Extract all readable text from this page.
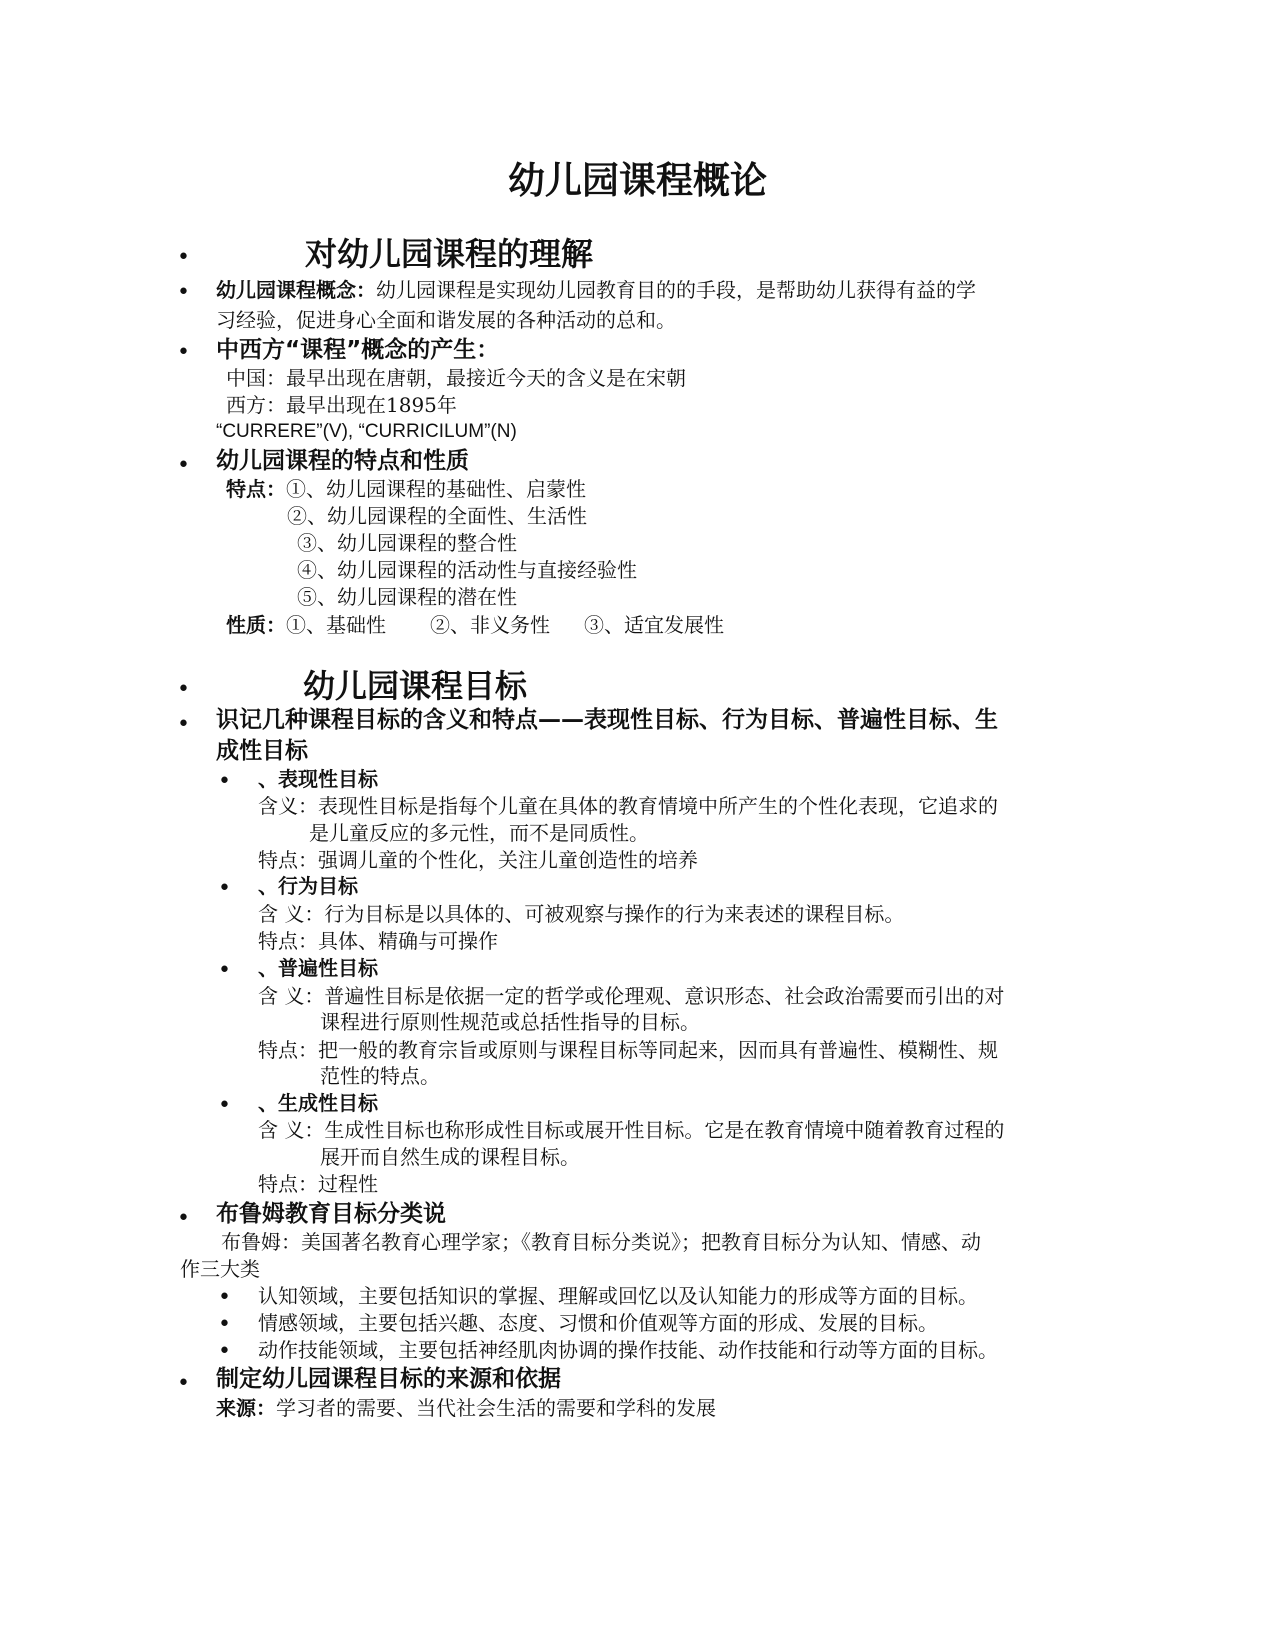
幼儿园课程概论
•	对幼儿园课程的理解
• 幼儿园课程概念：幼儿园课程是实现幼儿园教育目的的手段，是帮助幼儿获得有益的学
习经验，促进身心全面和谐发展的各种活动的总和。
• 中西方“课程”概念的产生：
中国：最早出现在唐朝，最接近今天的含义是在宋朝
西方：最早出现在1895年
“CURRERE”(V), “CURRICILUM”(N)
• 幼儿园课程的特点和性质
特点：①、幼儿园课程的基础性、启蒙性
②、幼儿园课程的全面性、生活性
③、幼儿园课程的整合性
④、幼儿园课程的活动性与直接经验性
⑤、幼儿园课程的潜在性
性质：①、基础性 ②、非义务性 ③、适宜发展性
•	幼儿园课程目标
• 识记几种课程目标的含义和特点——表现性目标、行为目标、普遍性目标、生
成性目标
• 、表现性目标
含义：表现性目标是指每个儿童在具体的教育情境中所产生的个性化表现，它追求的
是儿童反应的多元性，而不是同质性。
特点：强调儿童的个性化，关注儿童创造性的培养
• 、行为目标
含 义：行为目标是以具体的、可被观察与操作的行为来表述的课程目标。
特点：具体、精确与可操作
• 、普遍性目标
含 义：普遍性目标是依据一定的哲学或伦理观、意识形态、社会政治需要而引出的对
课程进行原则性规范或总括性指导的目标。
特点：把一般的教育宗旨或原则与课程目标等同起来，因而具有普遍性、模糊性、规
范性的特点。
• 、生成性目标
含 义：生成性目标也称形成性目标或展开性目标。它是在教育情境中随着教育过程的
展开而自然生成的课程目标。
特点：过程性
• 布鲁姆教育目标分类说
布鲁姆：美国著名教育心理学家；《教育目标分类说》；把教育目标分为认知、情感、动
作三大类
• 认知领域，主要包括知识的掌握、理解或回忆以及认知能力的形成等方面的目标。
• 情感领域，主要包括兴趣、态度、习惯和价值观等方面的形成、发展的目标。
• 动作技能领域，主要包括神经肌肉协调的操作技能、动作技能和行动等方面的目标。
• 制定幼儿园课程目标的来源和依据
来源：学习者的需要、当代社会生活的需要和学科的发展
